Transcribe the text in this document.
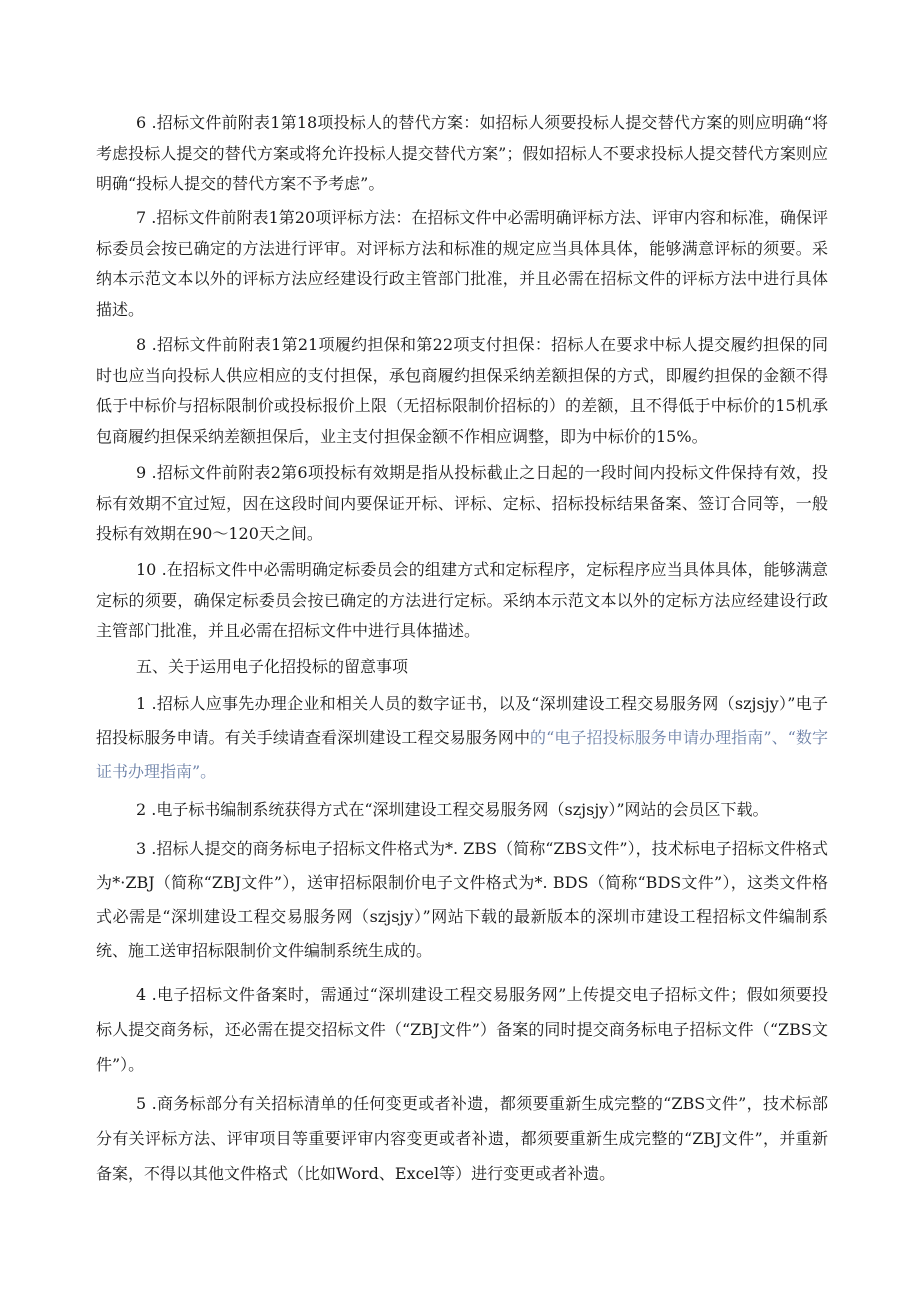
6 .招标文件前附表1第18项投标人的替代方案：如招标人须要投标人提交替代方案的则应明确“将考虑投标人提交的替代方案或将允许投标人提交替代方案”；假如招标人不要求投标人提交替代方案则应明确“投标人提交的替代方案不予考虑”。

7 .招标文件前附表1第20项评标方法：在招标文件中必需明确评标方法、评审内容和标准，确保评标委员会按已确定的方法进行评审。对评标方法和标准的规定应当具体具体，能够满意评标的须要。采纳本示范文本以外的评标方法应经建设行政主管部门批准，并且必需在招标文件的评标方法中进行具体描述。

8 .招标文件前附表1第21项履约担保和第22项支付担保：招标人在要求中标人提交履约担保的同时也应当向投标人供应相应的支付担保，承包商履约担保采纳差额担保的方式，即履约担保的金额不得低于中标价与招标限制价或投标报价上限（无招标限制价招标的）的差额，且不得低于中标价的15机承包商履约担保采纳差额担保后，业主支付担保金额不作相应调整，即为中标价的15%。

9 .招标文件前附表2第6项投标有效期是指从投标截止之日起的一段时间内投标文件保持有效，投标有效期不宜过短，因在这段时间内要保证开标、评标、定标、招标投标结果备案、签订合同等，一般投标有效期在90～120天之间。

10 .在招标文件中必需明确定标委员会的组建方式和定标程序，定标程序应当具体具体，能够满意定标的须要，确保定标委员会按已确定的方法进行定标。采纳本示范文本以外的定标方法应经建设行政主管部门批准，并且必需在招标文件中进行具体描述。

五、关于运用电子化招投标的留意事项

1 .招标人应事先办理企业和相关人员的数字证书，以及“深圳建设工程交易服务网（szjsjy）”电子招投标服务申请。有关手续请查看深圳建设工程交易服务网中的“电子招投标服务申请办理指南”、“数字证书办理指南”。

2 .电子标书编制系统获得方式在“深圳建设工程交易服务网（szjsjy）”网站的会员区下载。

3 .招标人提交的商务标电子招标文件格式为*. ZBS（简称“ZBS文件”），技术标电子招标文件格式为*·ZBJ（简称“ZBJ文件”），送审招标限制价电子文件格式为*. BDS（简称“BDS文件”），这类文件格式必需是“深圳建设工程交易服务网（szjsjy）”网站下载的最新版本的深圳市建设工程招标文件编制系统、施工送审招标限制价文件编制系统生成的。

4 .电子招标文件备案时，需通过“深圳建设工程交易服务网”上传提交电子招标文件；假如须要投标人提交商务标，还必需在提交招标文件（“ZBJ文件”）备案的同时提交商务标电子招标文件（“ZBS文件”）。

5 .商务标部分有关招标清单的任何变更或者补遗，都须要重新生成完整的“ZBS文件”，技术标部分有关评标方法、评审项目等重要评审内容变更或者补遗，都须要重新生成完整的“ZBJ文件”，并重新备案，不得以其他文件格式（比如Word、Excel等）进行变更或者补遗。
